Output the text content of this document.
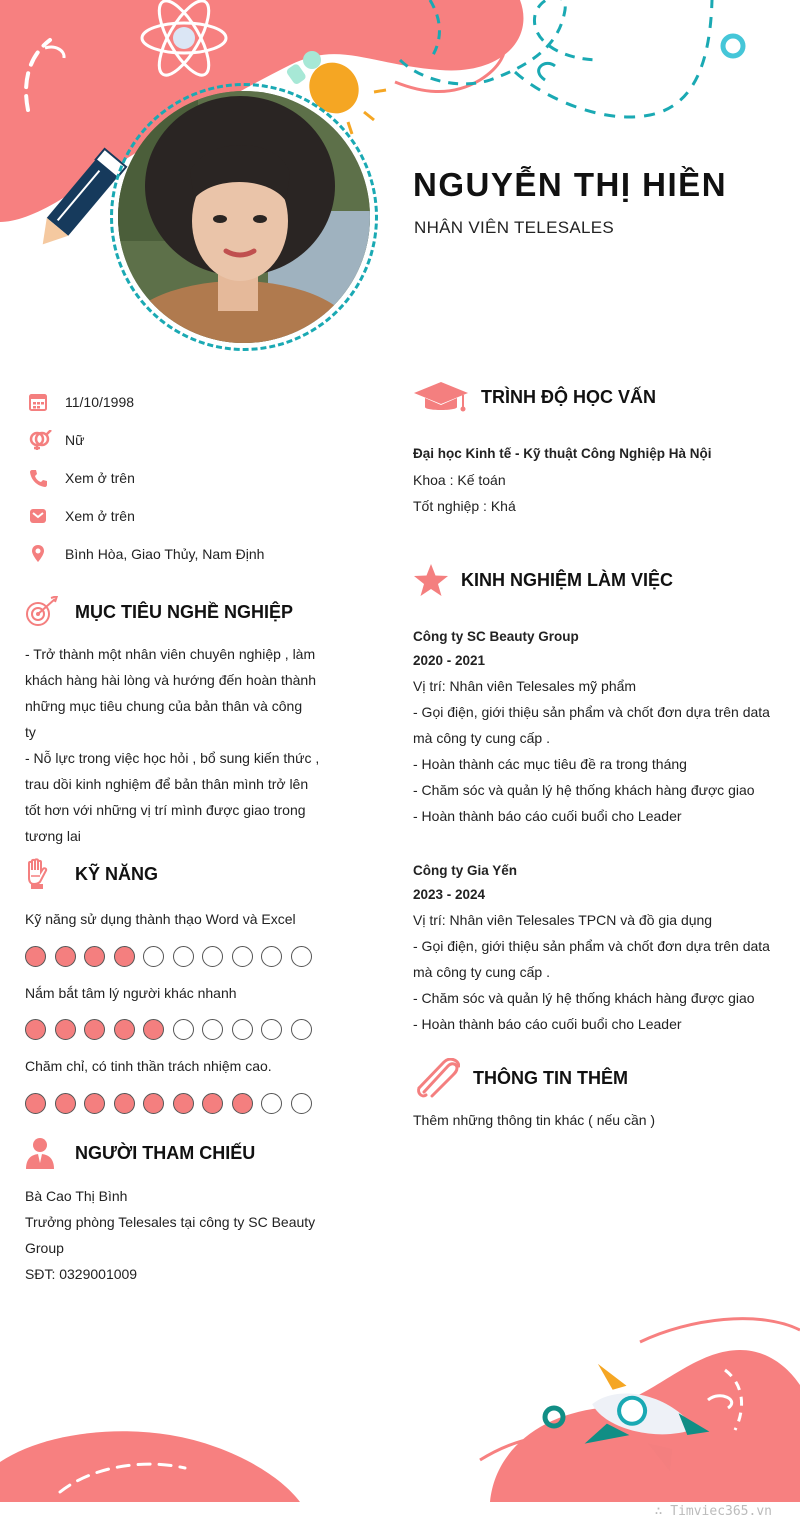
NGUYỄN THỊ HIỀN
NHÂN VIÊN TELESALES
11/10/1998
Nữ
Xem ở trên
Xem ở trên
Bình Hòa, Giao Thủy, Nam Định
MỤC TIÊU NGHỀ NGHIỆP

- Trở thành một nhân viên chuyên nghiệp , làm

khách hàng hài lòng và hướng đến hoàn thành

những mục tiêu chung của bản thân và công

ty

- Nỗ lực trong việc học hỏi , bổ sung kiến thức ,

trau dồi kinh nghiệm để bản thân mình trở lên

tốt hơn với những vị trí mình được giao trong

tương lai

KỸ NĂNG
Kỹ năng sử dụng thành thạo Word và Excel
Nắm bắt tâm lý người khác nhanh
Chăm chỉ, có tinh thần trách nhiệm cao.
NGƯỜI THAM CHIẾU

Bà Cao Thị Bình

Trưởng phòng Telesales tại công ty SC Beauty

Group

SĐT: 0329001009

TRÌNH ĐỘ HỌC VẤN
Đại học Kinh tế - Kỹ thuật Công Nghiệp Hà Nội
Khoa : Kế toán
Tốt nghiệp : Khá
KINH NGHIỆM LÀM VIỆC
Công ty SC Beauty Group
2020 - 2021
Vị trí: Nhân viên Telesales mỹ phẩm
- Gọi điện, giới thiệu sản phẩm và chốt đơn dựa trên data
mà công ty cung cấp .
- Hoàn thành các mục tiêu đề ra trong tháng
- Chăm sóc và quản lý hệ thống khách hàng được giao
- Hoàn thành báo cáo cuối buổi cho Leader
Công ty Gia Yến
2023 - 2024
Vị trí: Nhân viên Telesales TPCN và đồ gia dụng
- Gọi điện, giới thiệu sản phẩm và chốt đơn dựa trên data
mà công ty cung cấp .
- Chăm sóc và quản lý hệ thống khách hàng được giao
- Hoàn thành báo cáo cuối buổi cho Leader
THÔNG TIN THÊM
Thêm những thông tin khác ( nếu cần )
∴ Timviec365.vn
